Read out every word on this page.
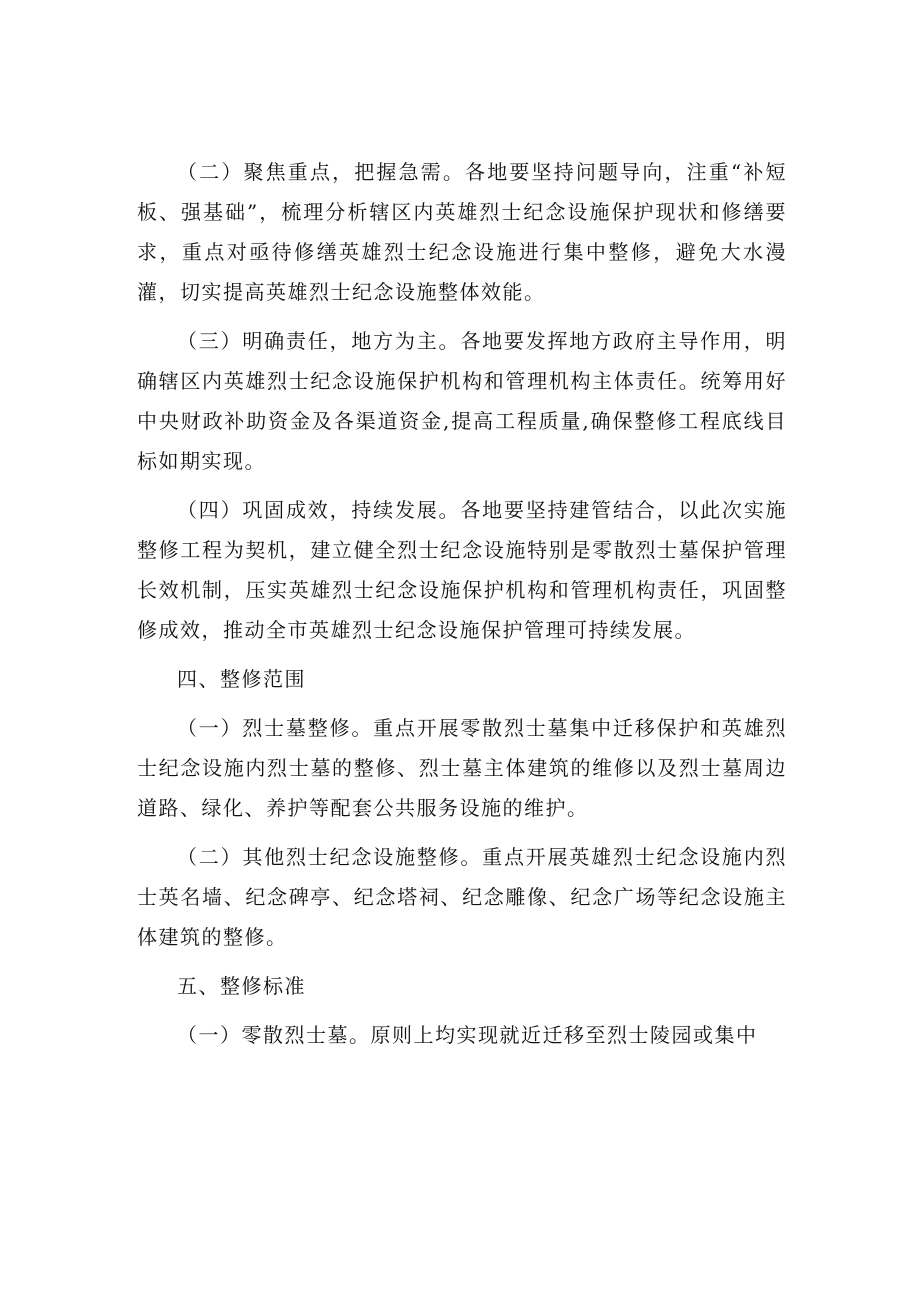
（二）聚焦重点，把握急需。各地要坚持问题导向，注重“补短板、强基础”，梳理分析辖区内英雄烈士纪念设施保护现状和修缮要求，重点对亟待修缮英雄烈士纪念设施进行集中整修，避免大水漫灌，切实提高英雄烈士纪念设施整体效能。

（三）明确责任，地方为主。各地要发挥地方政府主导作用，明确辖区内英雄烈士纪念设施保护机构和管理机构主体责任。统筹用好中央财政补助资金及各渠道资金,提高工程质量,确保整修工程底线目标如期实现。

（四）巩固成效，持续发展。各地要坚持建管结合，以此次实施整修工程为契机，建立健全烈士纪念设施特别是零散烈士墓保护管理长效机制，压实英雄烈士纪念设施保护机构和管理机构责任，巩固整修成效，推动全市英雄烈士纪念设施保护管理可持续发展。

四、整修范围

（一）烈士墓整修。重点开展零散烈士墓集中迁移保护和英雄烈士纪念设施内烈士墓的整修、烈士墓主体建筑的维修以及烈士墓周边道路、绿化、养护等配套公共服务设施的维护。

（二）其他烈士纪念设施整修。重点开展英雄烈士纪念设施内烈士英名墙、纪念碑亭、纪念塔祠、纪念雕像、纪念广场等纪念设施主体建筑的整修。

五、整修标准

（一）零散烈士墓。原则上均实现就近迁移至烈士陵园或集中
